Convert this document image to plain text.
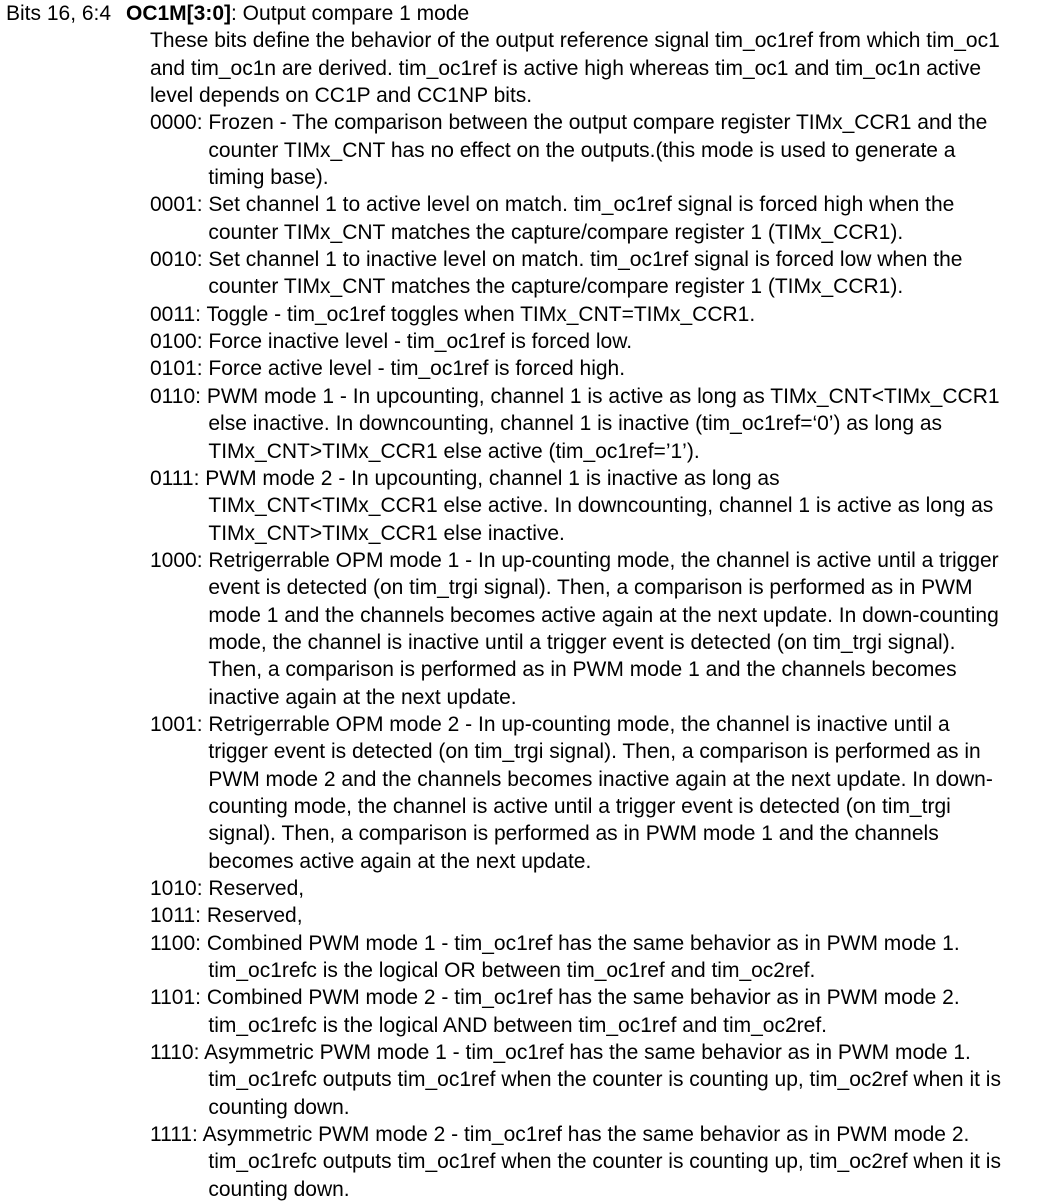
Bits 16, 6:4 OC1M[3:0]: Output compare 1 mode
These bits define the behavior of the output reference signal tim_oc1ref from which tim_oc1 and tim_oc1n are derived. tim_oc1ref is active high whereas tim_oc1 and tim_oc1n active level depends on CC1P and CC1NP bits.
0000: Frozen - The comparison between the output compare register TIMx_CCR1 and the counter TIMx_CNT has no effect on the outputs.(this mode is used to generate a timing base).
0001: Set channel 1 to active level on match. tim_oc1ref signal is forced high when the counter TIMx_CNT matches the capture/compare register 1 (TIMx_CCR1).
0010: Set channel 1 to inactive level on match. tim_oc1ref signal is forced low when the counter TIMx_CNT matches the capture/compare register 1 (TIMx_CCR1).
0011: Toggle - tim_oc1ref toggles when TIMx_CNT=TIMx_CCR1.
0100: Force inactive level - tim_oc1ref is forced low.
0101: Force active level - tim_oc1ref is forced high.
0110: PWM mode 1 - In upcounting, channel 1 is active as long as TIMx_CNT<TIMx_CCR1 else inactive. In downcounting, channel 1 is inactive (tim_oc1ref=‘0’) as long as TIMx_CNT>TIMx_CCR1 else active (tim_oc1ref=’1’).
0111: PWM mode 2 - In upcounting, channel 1 is inactive as long as TIMx_CNT<TIMx_CCR1 else active. In downcounting, channel 1 is active as long as TIMx_CNT>TIMx_CCR1 else inactive.
1000: Retrigerrable OPM mode 1 - In up-counting mode, the channel is active until a trigger event is detected (on tim_trgi signal). Then, a comparison is performed as in PWM mode 1 and the channels becomes active again at the next update. In down-counting mode, the channel is inactive until a trigger event is detected (on tim_trgi signal). Then, a comparison is performed as in PWM mode 1 and the channels becomes inactive again at the next update.
1001: Retrigerrable OPM mode 2 - In up-counting mode, the channel is inactive until a trigger event is detected (on tim_trgi signal). Then, a comparison is performed as in PWM mode 2 and the channels becomes inactive again at the next update. In down-counting mode, the channel is active until a trigger event is detected (on tim_trgi signal). Then, a comparison is performed as in PWM mode 1 and the channels becomes active again at the next update.
1010: Reserved,
1011: Reserved,
1100: Combined PWM mode 1 - tim_oc1ref has the same behavior as in PWM mode 1. tim_oc1refc is the logical OR between tim_oc1ref and tim_oc2ref.
1101: Combined PWM mode 2 - tim_oc1ref has the same behavior as in PWM mode 2. tim_oc1refc is the logical AND between tim_oc1ref and tim_oc2ref.
1110: Asymmetric PWM mode 1 - tim_oc1ref has the same behavior as in PWM mode 1. tim_oc1refc outputs tim_oc1ref when the counter is counting up, tim_oc2ref when it is counting down.
1111: Asymmetric PWM mode 2 - tim_oc1ref has the same behavior as in PWM mode 2. tim_oc1refc outputs tim_oc1ref when the counter is counting up, tim_oc2ref when it is counting down.
